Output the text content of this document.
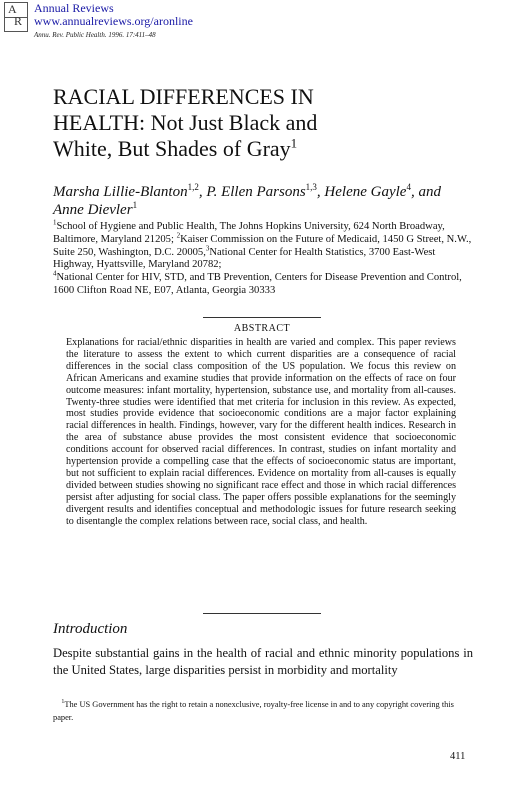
A
R
Annual Reviews
www.annualreviews.org/aronline
Annu. Rev. Public Health. 1996. 17:411–48
RACIAL DIFFERENCES IN
HEALTH: Not Just Black and
White, But Shades of Gray$^1$
Marsha Lillie-Blanton$^{1,2}$, P. Ellen Parsons$^{1,3}$, Helene Gayle$^4$, and
Anne Dievler$^1$
$^1$School of Hygiene and Public Health, The Johns Hopkins University, 624 North Broadway, Baltimore, Maryland 21205; $^2$Kaiser Commission on the Future of Medicaid, 1450 G Street, N.W., Suite 250, Washington, D.C. 20005,$^3$National Center for Health Statistics, 3700 East-West Highway, Hyattsville, Maryland 20782;
$^4$National Center for HIV, STD, and TB Prevention, Centers for Disease Prevention and Control, 1600 Clifton Road NE, E07, Atlanta, Georgia 30333
ABSTRACT
Explanations for racial/ethnic disparities in health are varied and complex. This paper reviews the literature to assess the extent to which current disparities are a consequence of racial differences in the social class composition of the US population. We focus this review on African Americans and examine studies that provide information on the effects of race on four outcome measures: infant mortality, hypertension, substance use, and mortality from all-causes. Twenty-three studies were identified that met criteria for inclusion in this review. As expected, most studies provide evidence that socioeconomic conditions are a major factor explaining racial differences in health. Findings, however, vary for the different health indices. Research in the area of substance abuse provides the most consistent evidence that socioeconomic conditions account for observed racial differences. In contrast, studies on infant mortality and hypertension provide a compelling case that the effects of socioeconomic status are important, but not sufficient to explain racial differences. Evidence on mortality from all-causes is equally divided between studies showing no significant race effect and those in which racial differences persist after adjusting for social class. The paper offers possible explanations for the seemingly divergent results and identifies conceptual and methodologic issues for future research seeking to disentangle the complex relations between race, social class, and health.
Introduction
Despite substantial gains in the health of racial and ethnic minority populations in the United States, large disparities persist in morbidity and mortality
$^1$The US Government has the right to retain a nonexclusive, royalty-free license in and to any copyright covering this paper.
411
